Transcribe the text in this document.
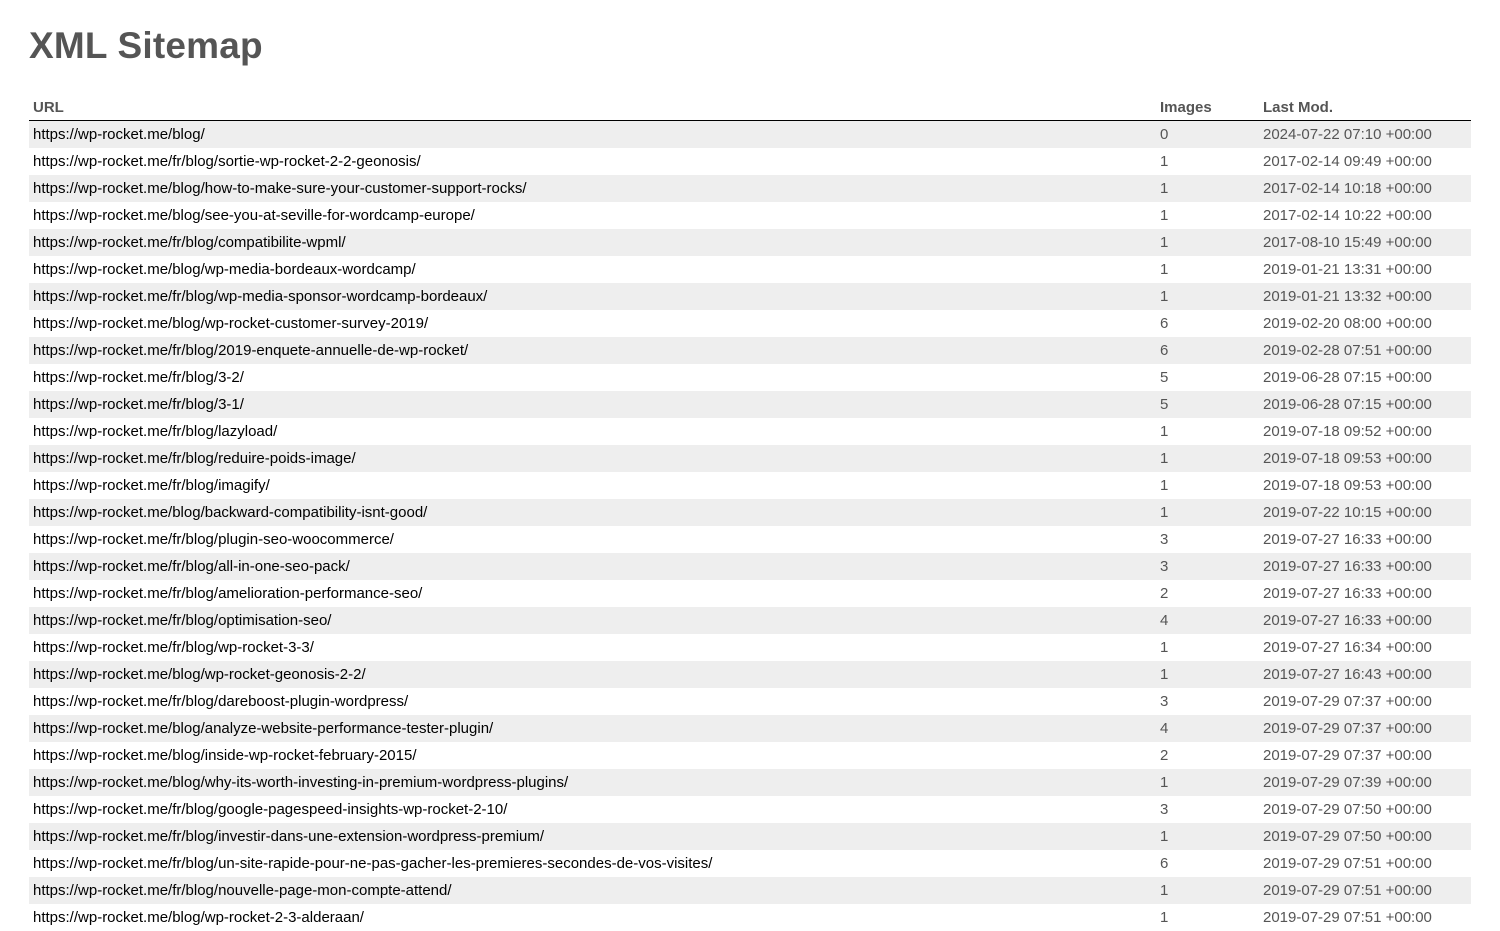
XML Sitemap
URL	Images	Last Mod.
https://wp-rocket.me/blog/	0	2024-07-22 07:10 +00:00
https://wp-rocket.me/fr/blog/sortie-wp-rocket-2-2-geonosis/	1	2017-02-14 09:49 +00:00
https://wp-rocket.me/blog/how-to-make-sure-your-customer-support-rocks/	1	2017-02-14 10:18 +00:00
https://wp-rocket.me/blog/see-you-at-seville-for-wordcamp-europe/	1	2017-02-14 10:22 +00:00
https://wp-rocket.me/fr/blog/compatibilite-wpml/	1	2017-08-10 15:49 +00:00
https://wp-rocket.me/blog/wp-media-bordeaux-wordcamp/	1	2019-01-21 13:31 +00:00
https://wp-rocket.me/fr/blog/wp-media-sponsor-wordcamp-bordeaux/	1	2019-01-21 13:32 +00:00
https://wp-rocket.me/blog/wp-rocket-customer-survey-2019/	6	2019-02-20 08:00 +00:00
https://wp-rocket.me/fr/blog/2019-enquete-annuelle-de-wp-rocket/	6	2019-02-28 07:51 +00:00
https://wp-rocket.me/fr/blog/3-2/	5	2019-06-28 07:15 +00:00
https://wp-rocket.me/fr/blog/3-1/	5	2019-06-28 07:15 +00:00
https://wp-rocket.me/fr/blog/lazyload/	1	2019-07-18 09:52 +00:00
https://wp-rocket.me/fr/blog/reduire-poids-image/	1	2019-07-18 09:53 +00:00
https://wp-rocket.me/fr/blog/imagify/	1	2019-07-18 09:53 +00:00
https://wp-rocket.me/blog/backward-compatibility-isnt-good/	1	2019-07-22 10:15 +00:00
https://wp-rocket.me/fr/blog/plugin-seo-woocommerce/	3	2019-07-27 16:33 +00:00
https://wp-rocket.me/fr/blog/all-in-one-seo-pack/	3	2019-07-27 16:33 +00:00
https://wp-rocket.me/fr/blog/amelioration-performance-seo/	2	2019-07-27 16:33 +00:00
https://wp-rocket.me/fr/blog/optimisation-seo/	4	2019-07-27 16:33 +00:00
https://wp-rocket.me/fr/blog/wp-rocket-3-3/	1	2019-07-27 16:34 +00:00
https://wp-rocket.me/blog/wp-rocket-geonosis-2-2/	1	2019-07-27 16:43 +00:00
https://wp-rocket.me/fr/blog/dareboost-plugin-wordpress/	3	2019-07-29 07:37 +00:00
https://wp-rocket.me/blog/analyze-website-performance-tester-plugin/	4	2019-07-29 07:37 +00:00
https://wp-rocket.me/blog/inside-wp-rocket-february-2015/	2	2019-07-29 07:37 +00:00
https://wp-rocket.me/blog/why-its-worth-investing-in-premium-wordpress-plugins/	1	2019-07-29 07:39 +00:00
https://wp-rocket.me/fr/blog/google-pagespeed-insights-wp-rocket-2-10/	3	2019-07-29 07:50 +00:00
https://wp-rocket.me/fr/blog/investir-dans-une-extension-wordpress-premium/	1	2019-07-29 07:50 +00:00
https://wp-rocket.me/fr/blog/un-site-rapide-pour-ne-pas-gacher-les-premieres-secondes-de-vos-visites/	6	2019-07-29 07:51 +00:00
https://wp-rocket.me/fr/blog/nouvelle-page-mon-compte-attend/	1	2019-07-29 07:51 +00:00
https://wp-rocket.me/blog/wp-rocket-2-3-alderaan/	1	2019-07-29 07:51 +00:00
